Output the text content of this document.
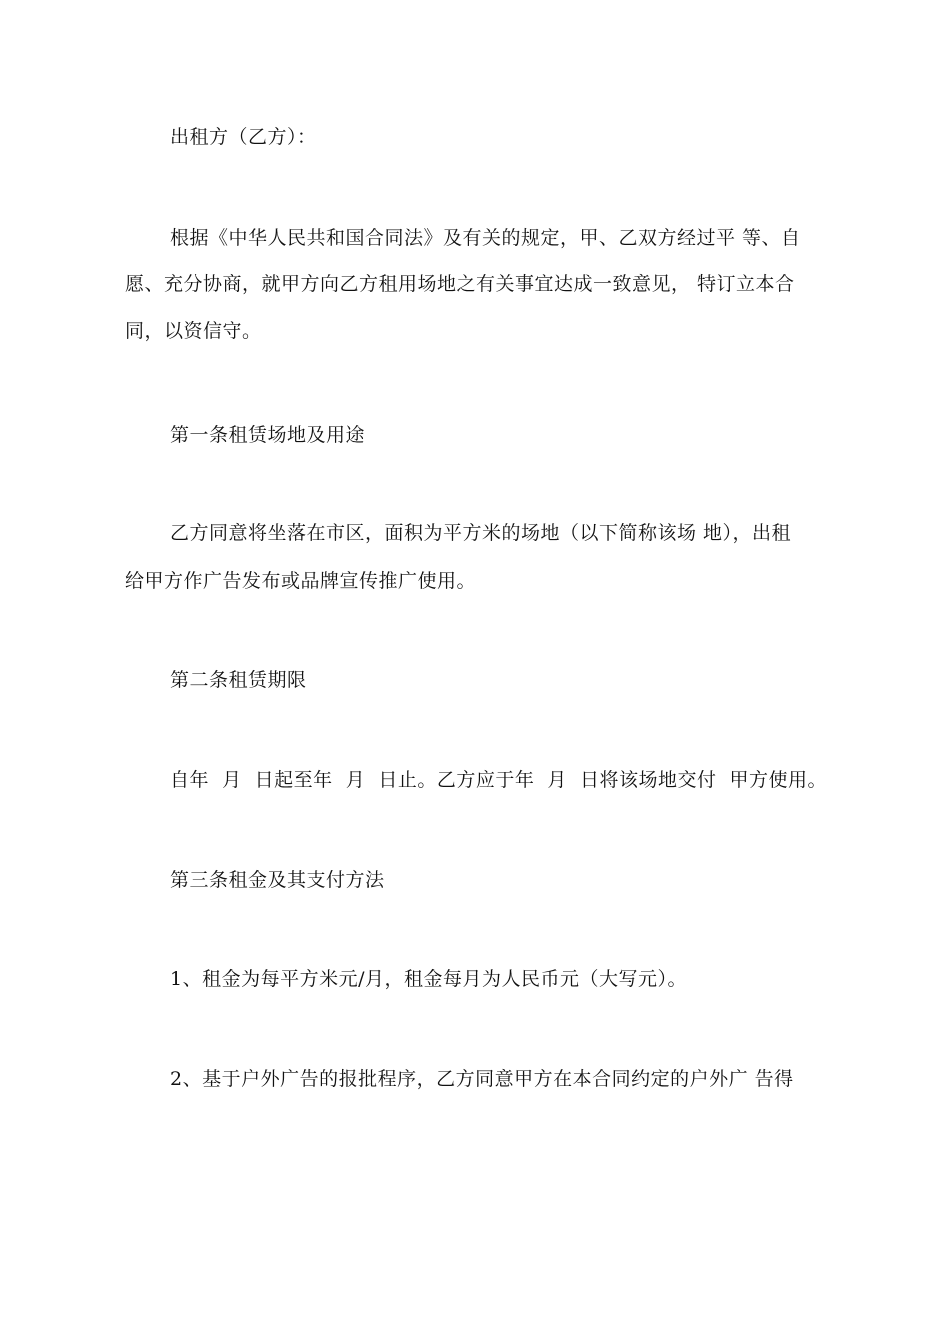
出租方（乙方）：
根据《中华人民共和国合同法》及有关的规定，甲、乙双方经过平 等、自
愿、充分协商，就甲方向乙方租用场地之有关事宜达成一致意见， 特订立本合
同，以资信守。
第一条租赁场地及用途
乙方同意将坐落在市区，面积为平方米的场地（以下简称该场 地），出租
给甲方作广告发布或品牌宣传推广使用。
第二条租赁期限
自年  月  日起至年  月  日止。乙方应于年  月  日将该场地交付  甲方使用。
第三条租金及其支付方法
1、租金为每平方米元/月，租金每月为人民币元（大写元）。
2、基于户外广告的报批程序，乙方同意甲方在本合同约定的户外广 告得
